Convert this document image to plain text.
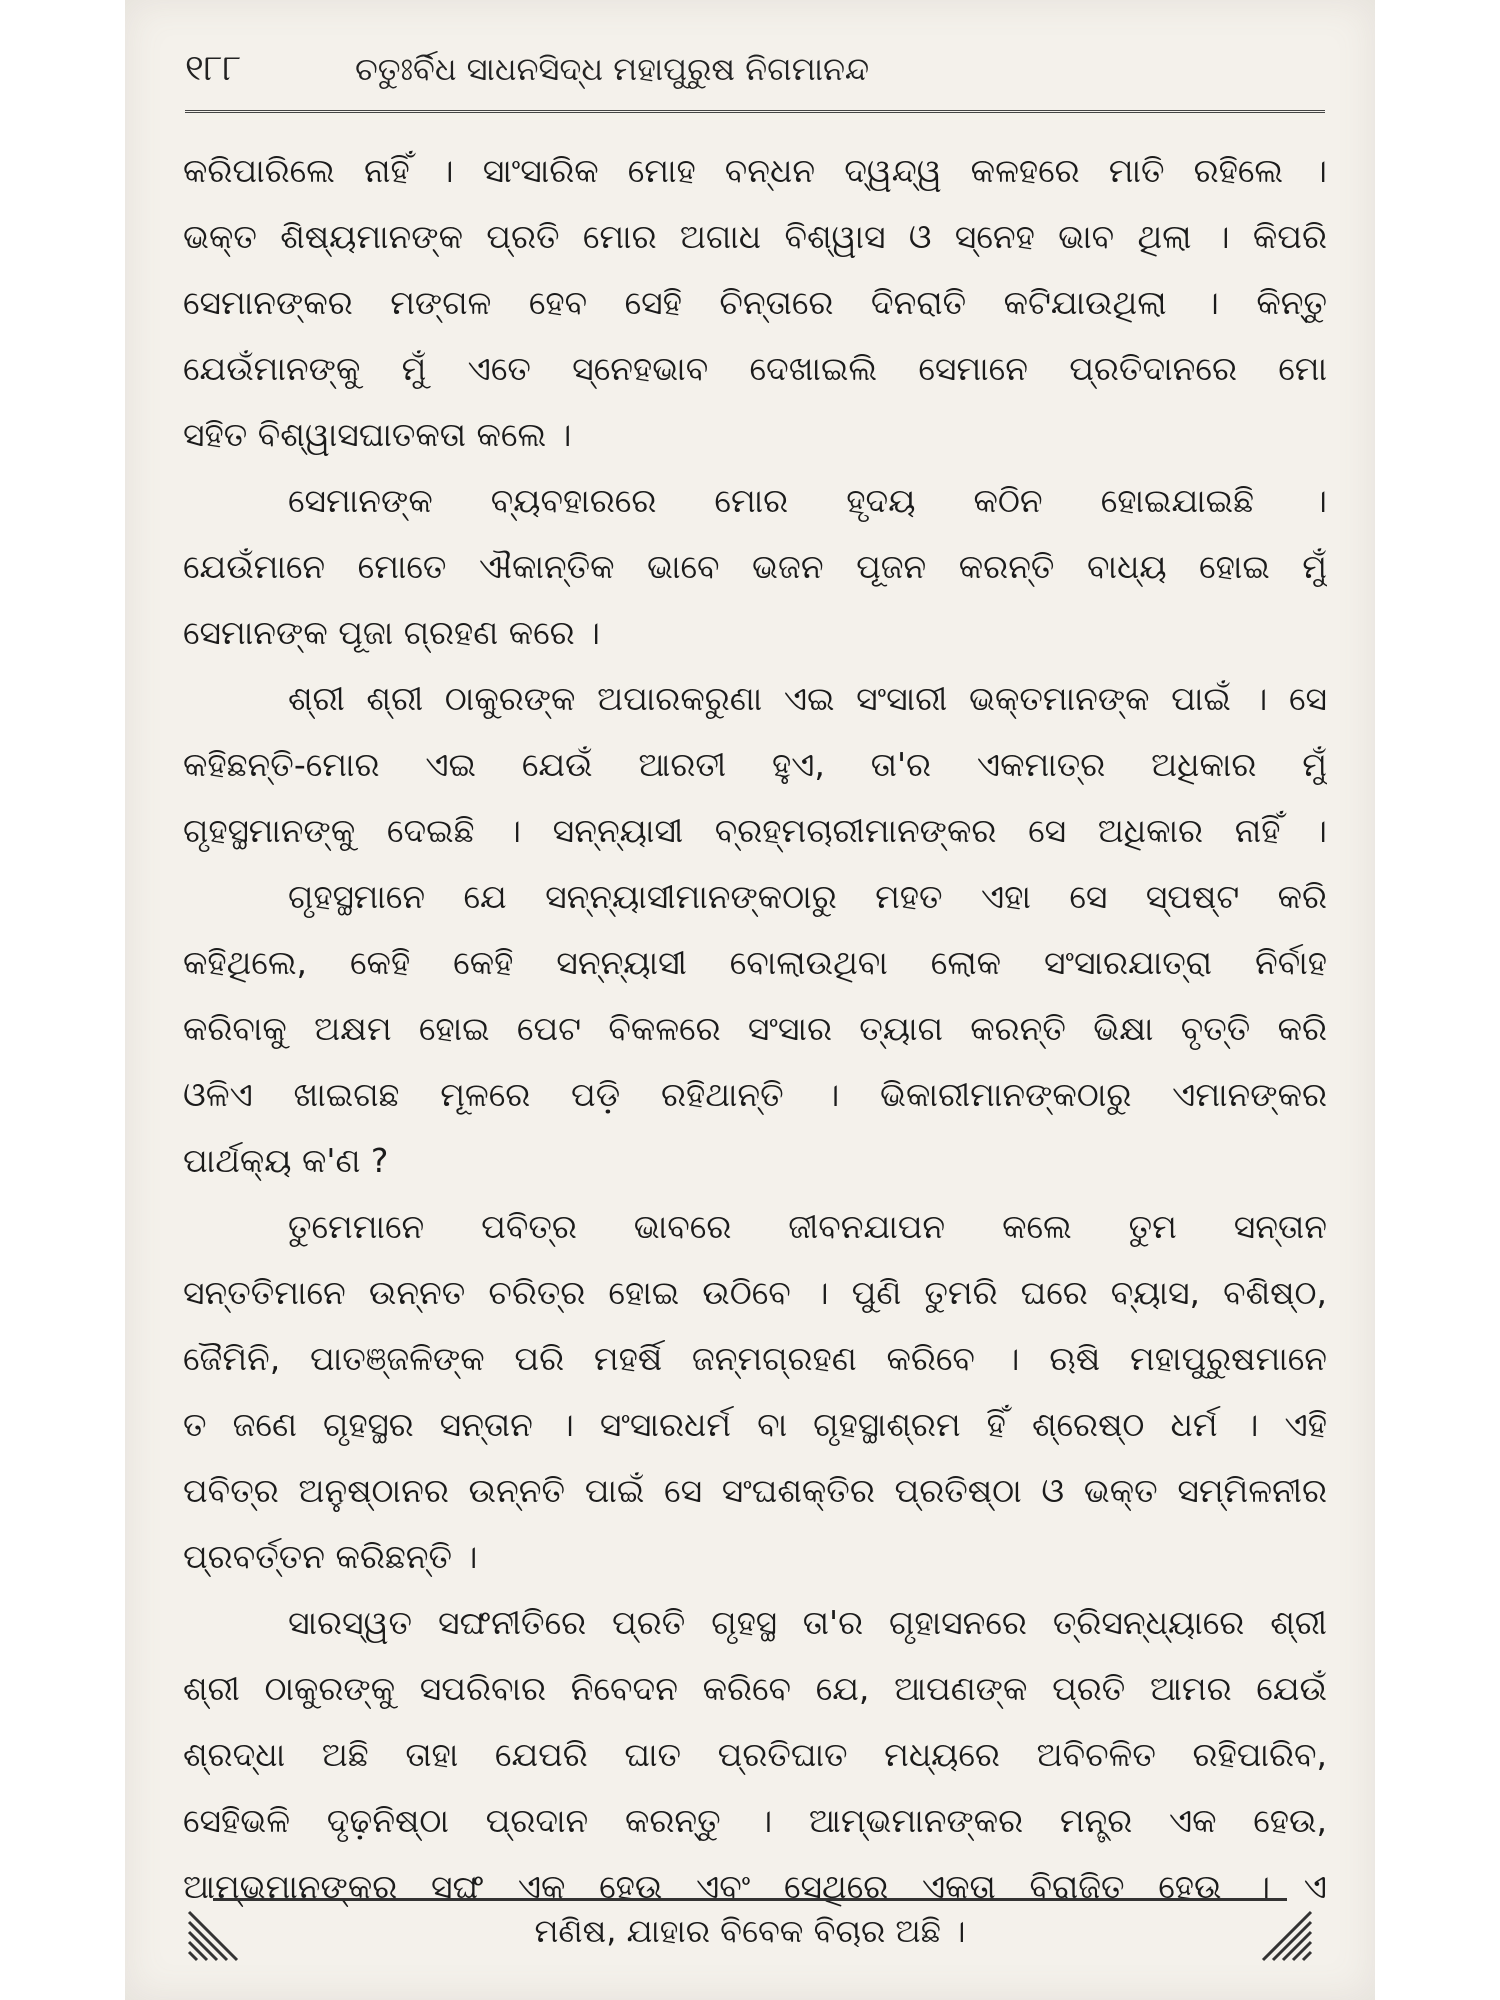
୧୮୮	ଚତୁଃର୍ବିଧ ସାଧନସିଦ୍ଧ ମହାପୁରୁଷ ନିଗମାନନ୍ଦ
କରିପାରିଲେ ନାହିଁ । ସାଂସାରିକ ମୋହ ବନ୍ଧନ ଦ୍ୱନ୍ଦ୍ୱ କଳହରେ ମାତି ରହିଲେ ।
ଭକ୍ତ ଶିଷ୍ୟମାନଙ୍କ ପ୍ରତି ମୋର ଅଗାଧ ବିଶ୍ୱାସ ଓ ସ୍ନେହ ଭାବ ଥିଲା । କିପରି
ସେମାନଙ୍କର ମଙ୍ଗଳ ହେବ ସେହି ଚିନ୍ତାରେ ଦିନରାତି କଟିଯାଉଥିଲା । କିନ୍ତୁ
ଯେଉଁମାନଙ୍କୁ ମୁଁ ଏତେ ସ୍ନେହଭାବ ଦେଖାଇଲି ସେମାନେ ପ୍ରତିଦାନରେ ମୋ
ସହିତ ବିଶ୍ୱାସଘାତକତା କଲେ ।
ସେମାନଙ୍କ ବ୍ୟବହାରରେ ମୋର ହୃଦୟ କଠିନ ହୋଇଯାଇଛି ।
ଯେଉଁମାନେ ମୋତେ ଐକାନ୍ତିକ ଭାବେ ଭଜନ ପୂଜନ କରନ୍ତି ବାଧ୍ୟ ହୋଇ ମୁଁ
ସେମାନଙ୍କ ପୂଜା ଗ୍ରହଣ କରେ ।
ଶ୍ରୀ ଶ୍ରୀ ଠାକୁରଙ୍କ ଅପାରକରୁଣା ଏଇ ସଂସାରୀ ଭକ୍ତମାନଙ୍କ ପାଇଁ । ସେ
କହିଛନ୍ତି-ମୋର ଏଇ ଯେଉଁ ଆରତୀ ହୁଏ, ତା'ର ଏକମାତ୍ର ଅଧିକାର ମୁଁ
ଗୃହସ୍ଥମାନଙ୍କୁ ଦେଇଛି । ସନ୍ନ୍ୟାସୀ ବ୍ରହ୍ମଚାରୀମାନଙ୍କର ସେ ଅଧିକାର ନାହିଁ ।
ଗୃହସ୍ଥମାନେ ଯେ ସନ୍ନ୍ୟାସୀମାନଙ୍କଠାରୁ ମହତ ଏହା ସେ ସ୍ପଷ୍ଟ କରି
କହିଥିଲେ, କେହି କେହି ସନ୍ନ୍ୟାସୀ ବୋଲାଉଥିବା ଲୋକ ସଂସାରଯାତ୍ରା ନିର୍ବାହ
କରିବାକୁ ଅକ୍ଷମ ହୋଇ ପେଟ ବିକଳରେ ସଂସାର ତ୍ୟାଗ କରନ୍ତି ଭିକ୍ଷା ବୃତ୍ତି କରି
ଓଳିଏ ଖାଇଗଛ ମୂଳରେ ପଡ଼ି ରହିଥାନ୍ତି । ଭିକାରୀମାନଙ୍କଠାରୁ ଏମାନଙ୍କର
ପାର୍ଥକ୍ୟ କ'ଣ ?
ତୁମେମାନେ ପବିତ୍ର ଭାବରେ ଜୀବନଯାପନ କଲେ ତୁମ ସନ୍ତାନ
ସନ୍ତତିମାନେ ଉନ୍ନତ ଚରିତ୍ର ହୋଇ ଉଠିବେ । ପୁଣି ତୁମରି ଘରେ ବ୍ୟାସ, ବଶିଷ୍ଠ,
ଜୈମିନି, ପାତଞ୍ଜଳିଙ୍କ ପରି ମହର୍ଷି ଜନ୍ମଗ୍ରହଣ କରିବେ । ଋଷି ମହାପୁରୁଷମାନେ
ତ ଜଣେ ଗୃହସ୍ଥର ସନ୍ତାନ । ସଂସାରଧର୍ମ ବା ଗୃହସ୍ଥାଶ୍ରମ ହିଁ ଶ୍ରେଷ୍ଠ ଧର୍ମ । ଏହି
ପବିତ୍ର ଅନୁଷ୍ଠାନର ଉନ୍ନତି ପାଇଁ ସେ ସଂଘଶକ୍ତିର ପ୍ରତିଷ୍ଠା ଓ ଭକ୍ତ ସମ୍ମିଳନୀର
ପ୍ରବର୍ତ୍ତନ କରିଛନ୍ତି ।
ସାରସ୍ୱତ ସଙ୍ଘନୀତିରେ ପ୍ରତି ଗୃହସ୍ଥ ତା'ର ଗୃହାସନରେ ତ୍ରିସନ୍ଧ୍ୟାରେ ଶ୍ରୀ
ଶ୍ରୀ ଠାକୁରଙ୍କୁ ସପରିବାର ନିବେଦନ କରିବେ ଯେ, ଆପଣଙ୍କ ପ୍ରତି ଆମର ଯେଉଁ
ଶ୍ରଦ୍ଧା ଅଛି ତାହା ଯେପରି ଘାତ ପ୍ରତିଘାତ ମଧ୍ୟରେ ଅବିଚଳିତ ରହିପାରିବ,
ସେହିଭଳି ଦୃଢ଼ନିଷ୍ଠା ପ୍ରଦାନ କରନ୍ତୁ । ଆମ୍ଭମାନଙ୍କର ମନ୍ତ୍ର ଏକ ହେଉ,
ଆମ୍ଭମାନଙ୍କର ସଙ୍ଘ ଏକ ହେଉ ଏବଂ ସେଥିରେ ଏକତା ବିରାଜିତ ହେଉ । ଏ
ମଣିଷ, ଯାହାର ବିବେକ ବିଚାର ଅଛି ।
